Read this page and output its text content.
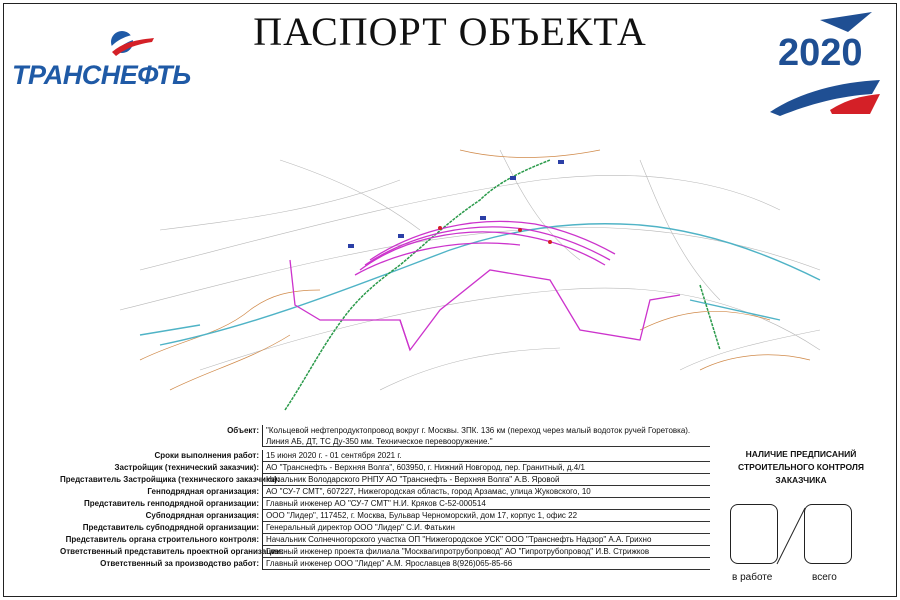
ПАСПОРТ ОБЪЕКТА
ТРАНСНЕФТЬ
2020
Объект: "Кольцевой нефтепродуктопровод вокруг г. Москвы. ЗПК. 136 км (переход через малый водоток ручей Горетовка). Линия АБ, ДТ, ТС Ду-350 мм. Техническое перевооружение."
Сроки выполнения работ: 15 июня 2020 г. - 01 сентября 2021 г.
Застройщик (технический заказчик): АО "Транснефть - Верхняя Волга", 603950, г. Нижний Новгород, пер. Гранитный, д.4/1
Представитель Застройщика (технического заказчика):
Начальник Володарского РНПУ АО "Транснефть - Верхняя Волга" А.В. Яровой
Генподрядная организация: АО "СУ-7 СМТ", 607227, Нижегородская область, город Арзамас, улица Жуковского, 10
Представитель генподрядной организации: Главный инженер АО "СУ-7 СМТ" Н.И. Кряков С-52-000514
Субподрядная организация: ООО "Лидер", 117452, г. Москва, Бульвар Черноморский, дом 17, корпус 1, офис 22
Представитель субподрядной организации: Генеральный директор ООО "Лидер" С.И. Фатькин
Представитель органа строительного контроля: Начальник Солнечногорского участка ОП "Нижегородское УСК" ООО "Транснефть Надзор" А.А. Грихно
Ответственный представитель проектной организации:
Главный инженер проекта филиала "Москвагипротрубопровод" АО "Гипротрубопровод" И.В. Стрижков
Ответственный за производство работ: Главный инженер ООО "Лидер" А.М. Ярославцев 8(926)065-85-66
НАЛИЧИЕ ПРЕДПИСАНИЙ
СТРОИТЕЛЬНОГО КОНТРОЛЯ
ЗАКАЗЧИКА
в работе	всего
